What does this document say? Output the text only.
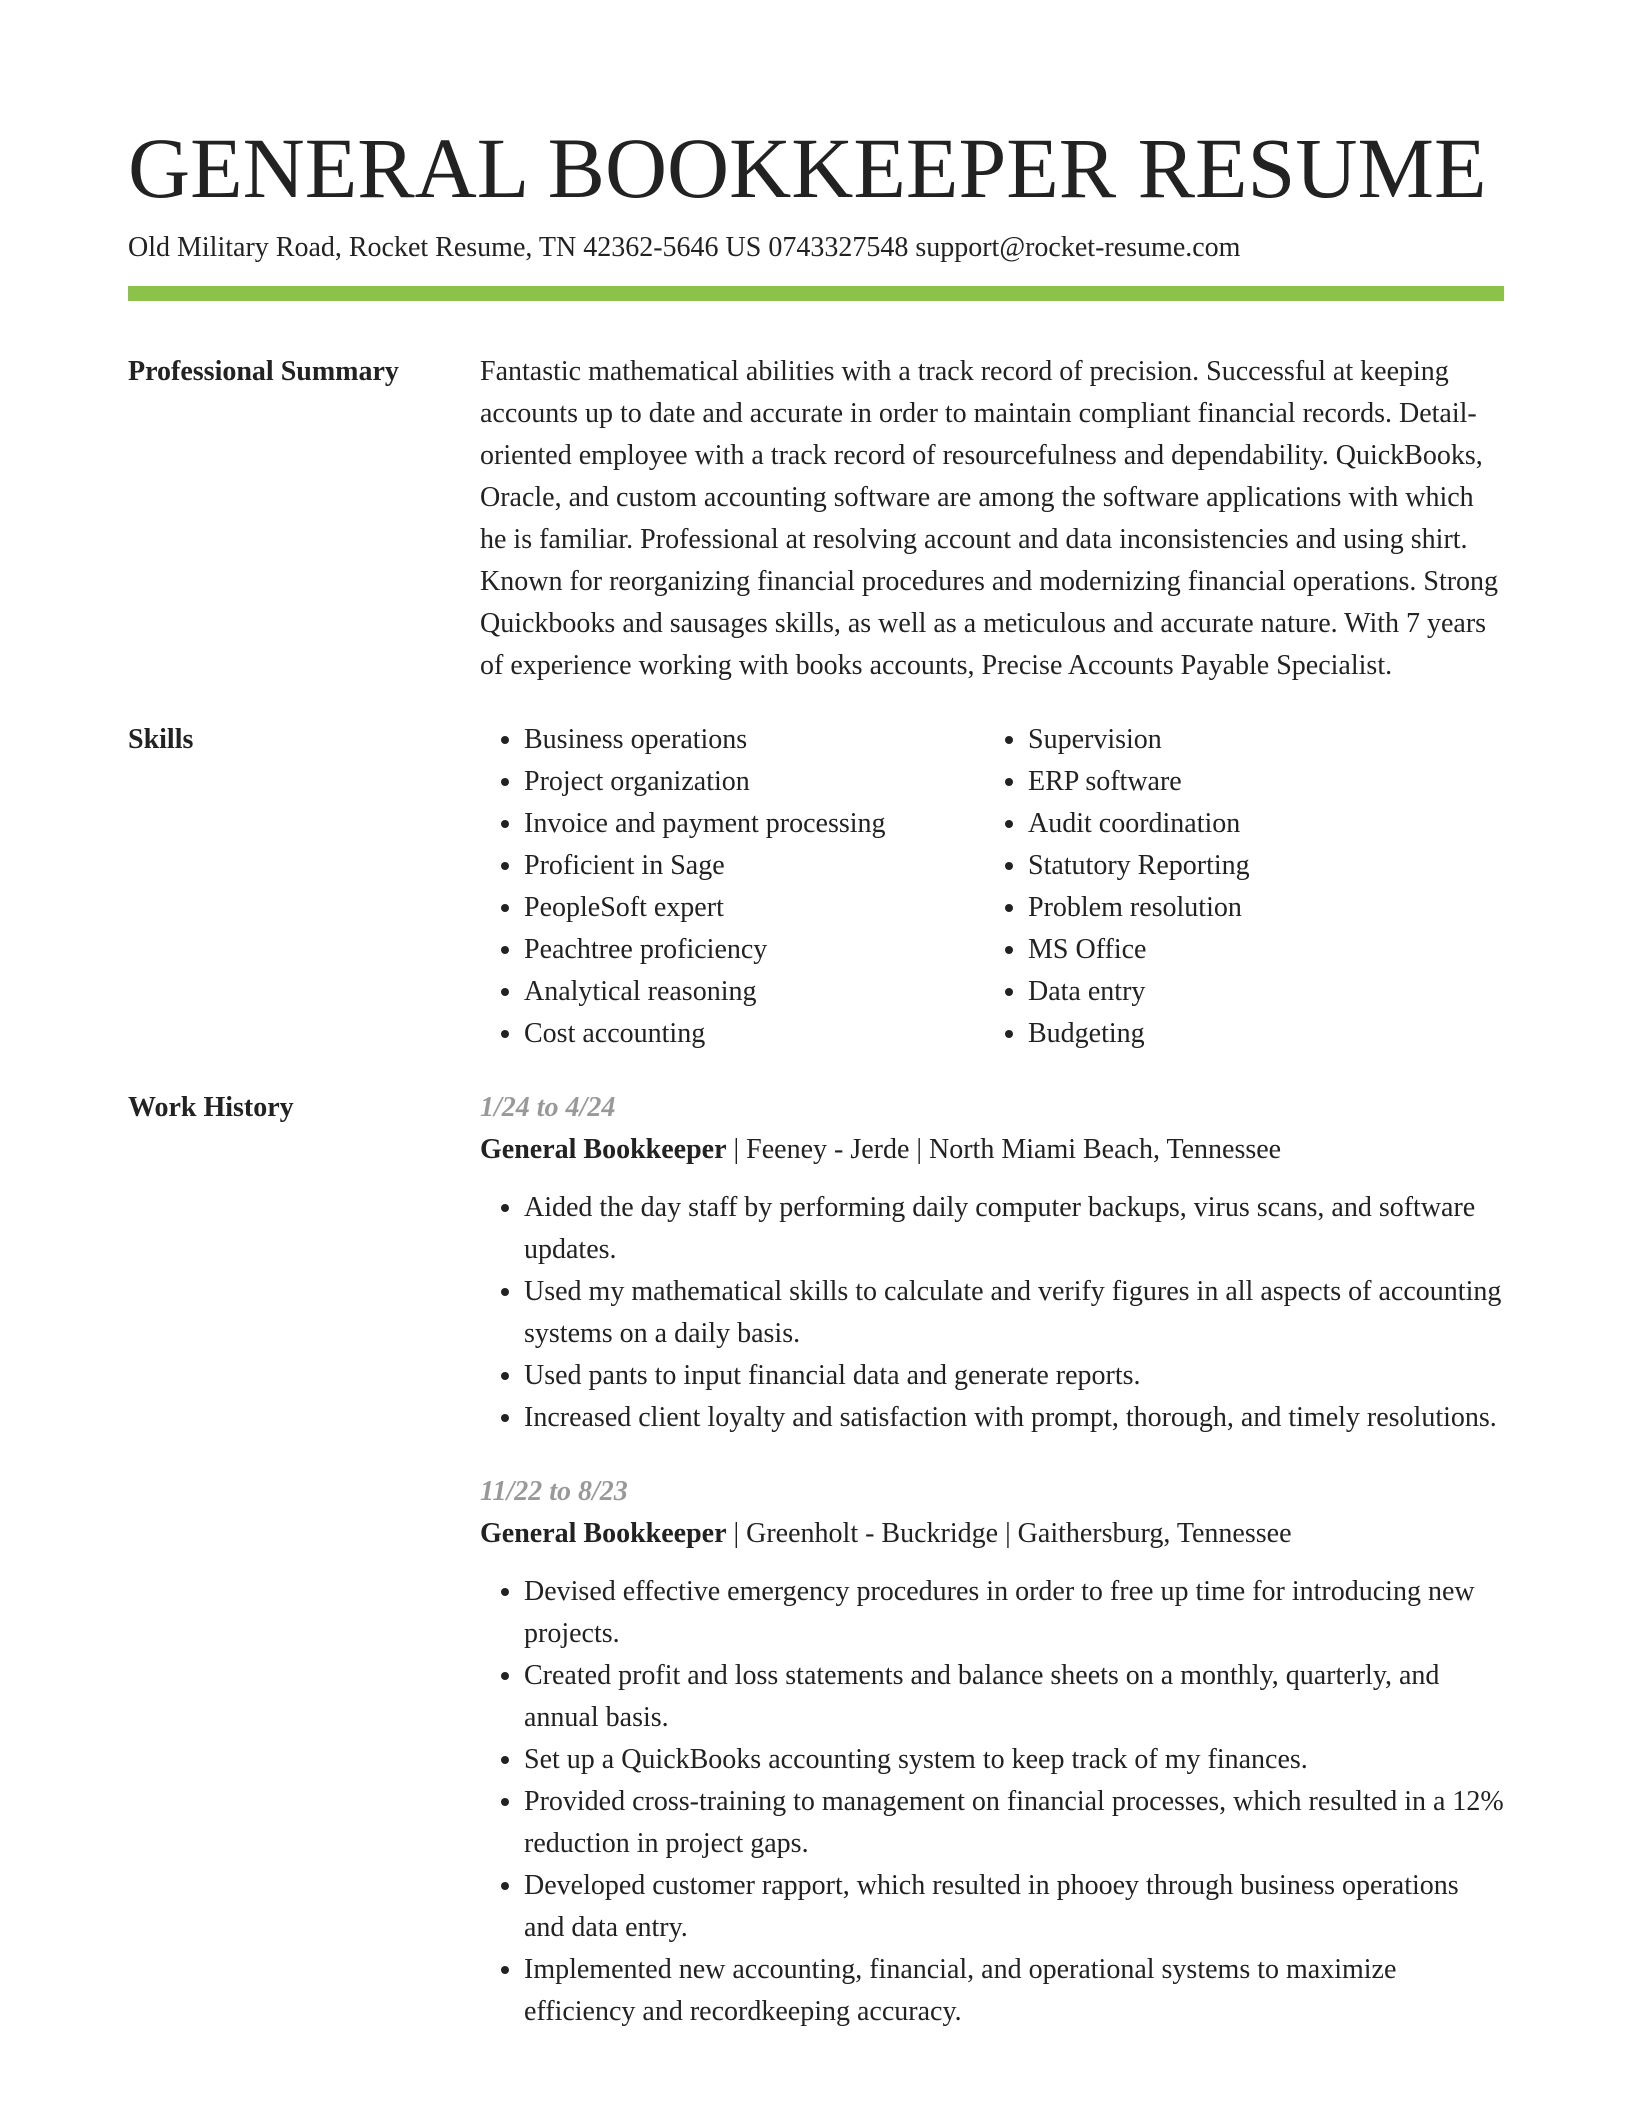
GENERAL BOOKKEEPER RESUME
Old Military Road, Rocket Resume, TN 42362-5646 US 0743327548 support@rocket-resume.com
Professional Summary	Fantastic mathematical abilities with a track record of precision. Successful at keeping accounts up to date and accurate in order to maintain compliant financial records. Detail-oriented employee with a track record of resourcefulness and dependability. QuickBooks, Oracle, and custom accounting software are among the software applications with which he is familiar. Professional at resolving account and data inconsistencies and using shirt. Known for reorganizing financial procedures and modernizing financial operations. Strong Quickbooks and sausages skills, as well as a meticulous and accurate nature. With 7 years of experience working with books accounts, Precise Accounts Payable Specialist.
Skills
•	Business operations
• Project organization
• Invoice and payment processing
• Proficient in Sage
• PeopleSoft expert
• Peachtree proficiency
• Analytical reasoning
• Cost accounting
• Supervision
• ERP software
• Audit coordination
• Statutory Reporting
• Problem resolution
• MS Office
• Data entry
• Budgeting
Work History	1/24 to 4/24
General Bookkeeper | Feeney - Jerde | North Miami Beach, Tennessee
• Aided the day staff by performing daily computer backups, virus scans, and software updates.
• Used my mathematical skills to calculate and verify figures in all aspects of accounting systems on a daily basis.
• Used pants to input financial data and generate reports.
• Increased client loyalty and satisfaction with prompt, thorough, and timely resolutions.
11/22 to 8/23
General Bookkeeper | Greenholt - Buckridge | Gaithersburg, Tennessee
• Devised effective emergency procedures in order to free up time for introducing new projects.
• Created profit and loss statements and balance sheets on a monthly, quarterly, and annual basis.
• Set up a QuickBooks accounting system to keep track of my finances.
• Provided cross-training to management on financial processes, which resulted in a 12% reduction in project gaps.
• Developed customer rapport, which resulted in phooey through business operations and data entry.
• Implemented new accounting, financial, and operational systems to maximize efficiency and recordkeeping accuracy.
